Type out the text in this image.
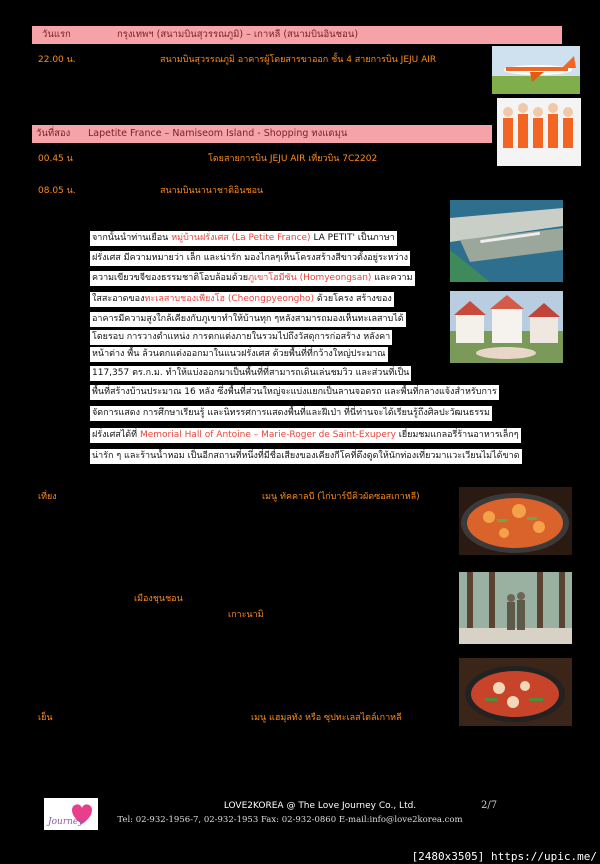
วันแรก	กรุงเทพฯ (สนามบินสุวรรณภูมิ) – เกาหลี (สนามบินอินชอน)
22.00 น.	สนามบินสุวรรณภูมิ อาคารผู้โดยสารขาออก ชั้น 4 สายการบิน JEJU AIR
วันที่สอง Lapetite France – Namiseom Island - Shopping ทงแดมุน
00.45 น	โดยสายการบิน JEJU AIR เที่ยวบิน 7C2202
08.05 น.	สนามบินนานาชาติอินชอน
จากนั้นนำท่านเยือน หมู่บ้านฝรั่งเศส (La Petite France) LA PETIT' เป็นภาษา
ฝรั่งเศส มีความหมายว่า เล็ก และน่ารัก มองไกลๆเห็นโครงสร้างสีขาวตั้งอยู่ระหว่าง
ความเขียวขจีของธรรมชาติโอบล้อมด้วยภูเขาโฮมีซัน (Homyeongsan) และความ
ใสสะอาดของทะเลสาบชองเพียงโฮ (Cheongpyeongho) ด้วยโครง สร้างของ
อาคารมีความสูงใกล้เคียงกับภูเขาทำให้บ้านทุก ๆหลังสามารถมองเห็นทะเลสาบได้
โดยรอบ การวางตำแหน่ง การตกแต่งภายในรวมไปถึงวัสดุการก่อสร้าง หลังคา
หน้าต่าง พื้น ล้วนตกแต่งออกมาในแนวฝรั่งเศส ด้วยพื้นที่ที่กว้างใหญ่ประมาณ
117,357 ตร.ก.ม. ทำให้แบ่งออกมาเป็นพื้นที่ที่สามารถเดินเล่นชมวิว และส่วนที่เป็น
พื้นที่สร้างบ้านประมาณ 16 หลัง ซึ่งพื้นที่ส่วนใหญ่จะแบ่งแยกเป็นลานจอดรถ และพื้นที่กลางแจ้งสำหรับการ
จัดการแสดง การศึกษาเรียนรู้ และนิทรรศการแสดงพื้นที่และฝีเป่า ที่นี่ท่านจะได้เรียนรู้ถึงศิลปะวัฒนธรรม
ฝรั่งเศสได้ที่ Memorial Hall of Antoine – Marie-Roger de Saint-Exupery เยี่ยมชมแกลอรี่ร้านอาหารเล็กๆ
น่ารัก ๆ และร้านน้ำหอม เป็นอีกสถานที่หนึ่งที่มีชื่อเสียงของเคียงกีโคที่ดึงดูดให้นักท่องเที่ยวมาแวะเวียนไม่ได้ขาด
เที่ยง	เมนู ทัคคาลบี (ไก่บาร์บีคิวผัดซอสเกาหลี)
เมืองชุนชอน
เกาะนามิ
เย็น	เมนู แฮมุลทัง หรือ ซุปทะเลสไตล์เกาหลี
Journey
LOVE2KOREA @ The Love Journey Co., Ltd.
Tel: 02-932-1956-7, 02-932-1953 Fax: 02-932-0860 E-mail:info@love2korea.com
2/7
[2480x3505] https://upic.me/
